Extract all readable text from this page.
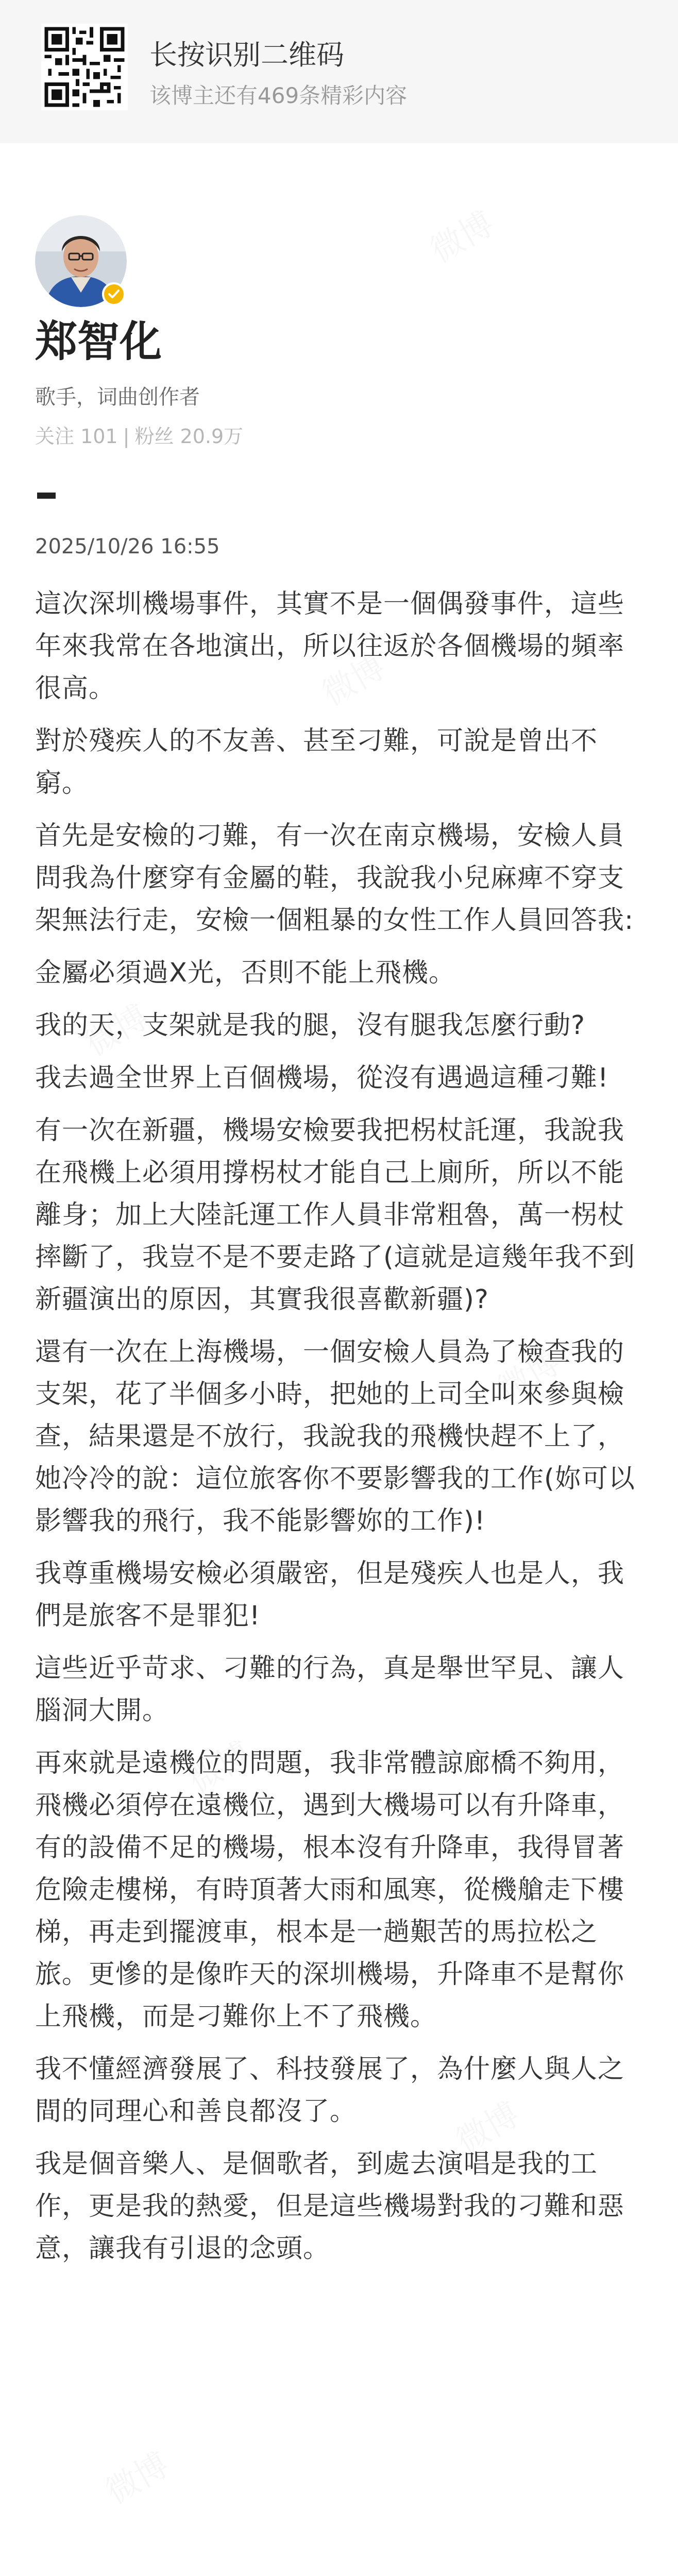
长按识别二维码
该博主还有469条精彩内容
郑智化
歌手，词曲创作者
关注 101 | 粉丝 20.9万
2025/10/26 16:55

這次深圳機場事件，其實不是一個偶發事件，這些年來我常在各地演出，所以往返於各個機場的頻率很高。

對於殘疾人的不友善、甚至刁難，可說是曾出不窮。

首先是安檢的刁難，有一次在南京機場，安檢人員問我為什麼穿有金屬的鞋，我說我小兒麻痺不穿支架無法行走，安檢一個粗暴的女性工作人員回答我:

金屬必須過X光，否則不能上飛機。

我的天，支架就是我的腿，沒有腿我怎麼行動?

我去過全世界上百個機場，從沒有遇過這種刁難!

有一次在新疆，機場安檢要我把柺杖託運，我說我在飛機上必須用撐柺杖才能自己上廁所，所以不能離身；加上大陸託運工作人員非常粗魯，萬一柺杖摔斷了，我豈不是不要走路了(這就是這幾年我不到新疆演出的原因，其實我很喜歡新疆)?

還有一次在上海機場，一個安檢人員為了檢查我的支架，花了半個多小時，把她的上司全叫來參與檢查，結果還是不放行，我說我的飛機快趕不上了，她冷冷的說：這位旅客你不要影響我的工作(妳可以影響我的飛行，我不能影響妳的工作)!

我尊重機場安檢必須嚴密，但是殘疾人也是人，我們是旅客不是罪犯!

這些近乎苛求、刁難的行為，真是舉世罕見、讓人腦洞大開。

再來就是遠機位的問題，我非常體諒廊橋不夠用，飛機必須停在遠機位，遇到大機場可以有升降車，有的設備不足的機場，根本沒有升降車，我得冒著危險走樓梯，有時頂著大雨和風寒，從機艙走下樓梯，再走到擺渡車，根本是一趟艱苦的馬拉松之旅。更慘的是像昨天的深圳機場，升降車不是幫你上飛機，而是刁難你上不了飛機。

我不懂經濟發展了、科技發展了，為什麼人與人之間的同理心和善良都沒了。

我是個音樂人、是個歌者，到處去演唱是我的工作，更是我的熱愛，但是這些機場對我的刁難和惡意，讓我有引退的念頭。
